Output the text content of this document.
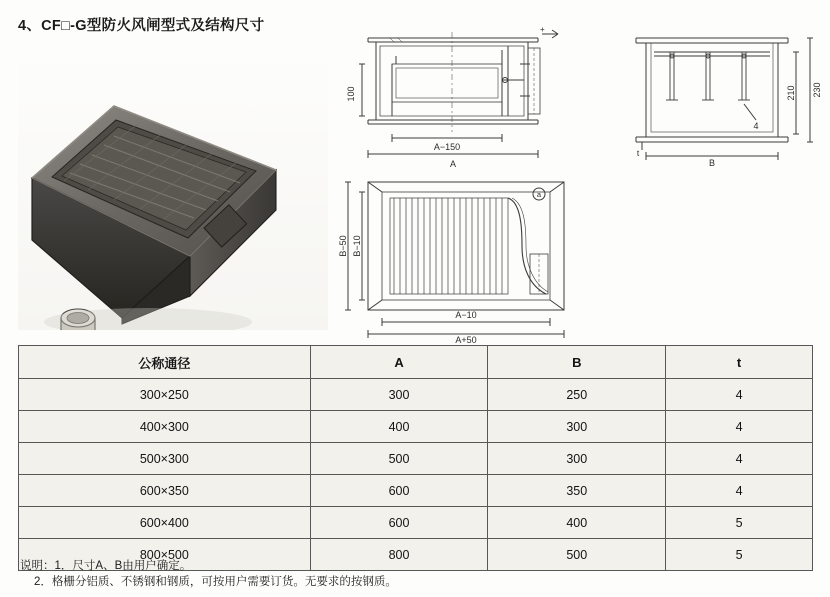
4、CF□-G型防火风闸型式及结构尺寸
100
A−150
A
+
210 230
4
t
B
B−50 B−10
A−10
A+50
a
公称通径	A	B	t
300×250	300	250	4
400×300	400	300	4
500×300	500	300	4
600×350	600	350	4
600×400	600	400	5
800×500	800	500	5
说明：1．尺寸A、B由用户确定。
2．格栅分铝质、不锈钢和钢质，可按用户需要订货。无要求的按钢质。
